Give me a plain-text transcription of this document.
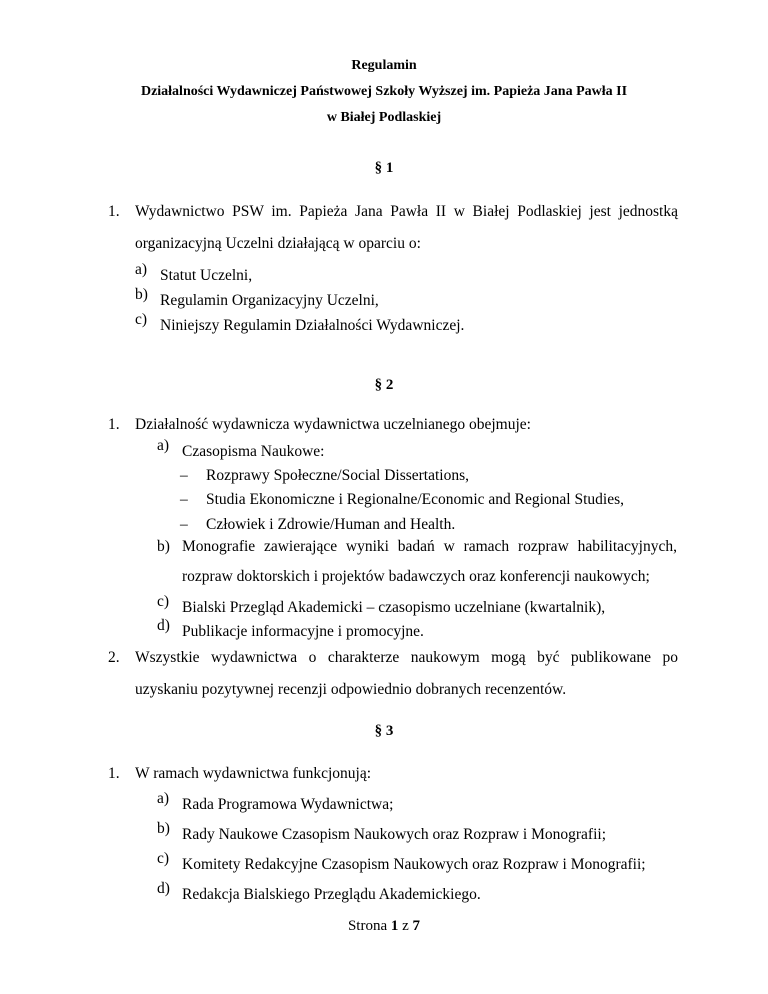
Regulamin
Działalności Wydawniczej Państwowej Szkoły Wyższej im. Papieża Jana Pawła II
w Białej Podlaskiej
§ 1
1. Wydawnictwo PSW im. Papieża Jana Pawła II w Białej Podlaskiej jest jednostką
organizacyjną Uczelni działającą w oparciu o:
a) Statut Uczelni,
b) Regulamin Organizacyjny Uczelni,
c) Niniejszy Regulamin Działalności Wydawniczej.
§ 2
1. Działalność wydawnicza wydawnictwa uczelnianego obejmuje:
a) Czasopisma Naukowe:
– Rozprawy Społeczne/Social Dissertations,
– Studia Ekonomiczne i Regionalne/Economic and Regional Studies,
– Człowiek i Zdrowie/Human and Health.
b) Monografie zawierające wyniki badań w ramach rozpraw habilitacyjnych,
rozpraw doktorskich i projektów badawczych oraz konferencji naukowych;
c) Bialski Przegląd Akademicki – czasopismo uczelniane (kwartalnik),
d) Publikacje informacyjne i promocyjne.
2. Wszystkie wydawnictwa o charakterze naukowym mogą być publikowane po
uzyskaniu pozytywnej recenzji odpowiednio dobranych recenzentów.
§ 3
1. W ramach wydawnictwa funkcjonują:
a) Rada Programowa Wydawnictwa;
b) Rady Naukowe Czasopism Naukowych oraz Rozpraw i Monografii;
c) Komitety Redakcyjne Czasopism Naukowych oraz Rozpraw i Monografii;
d) Redakcja Bialskiego Przeglądu Akademickiego.
Strona 1 z 7
